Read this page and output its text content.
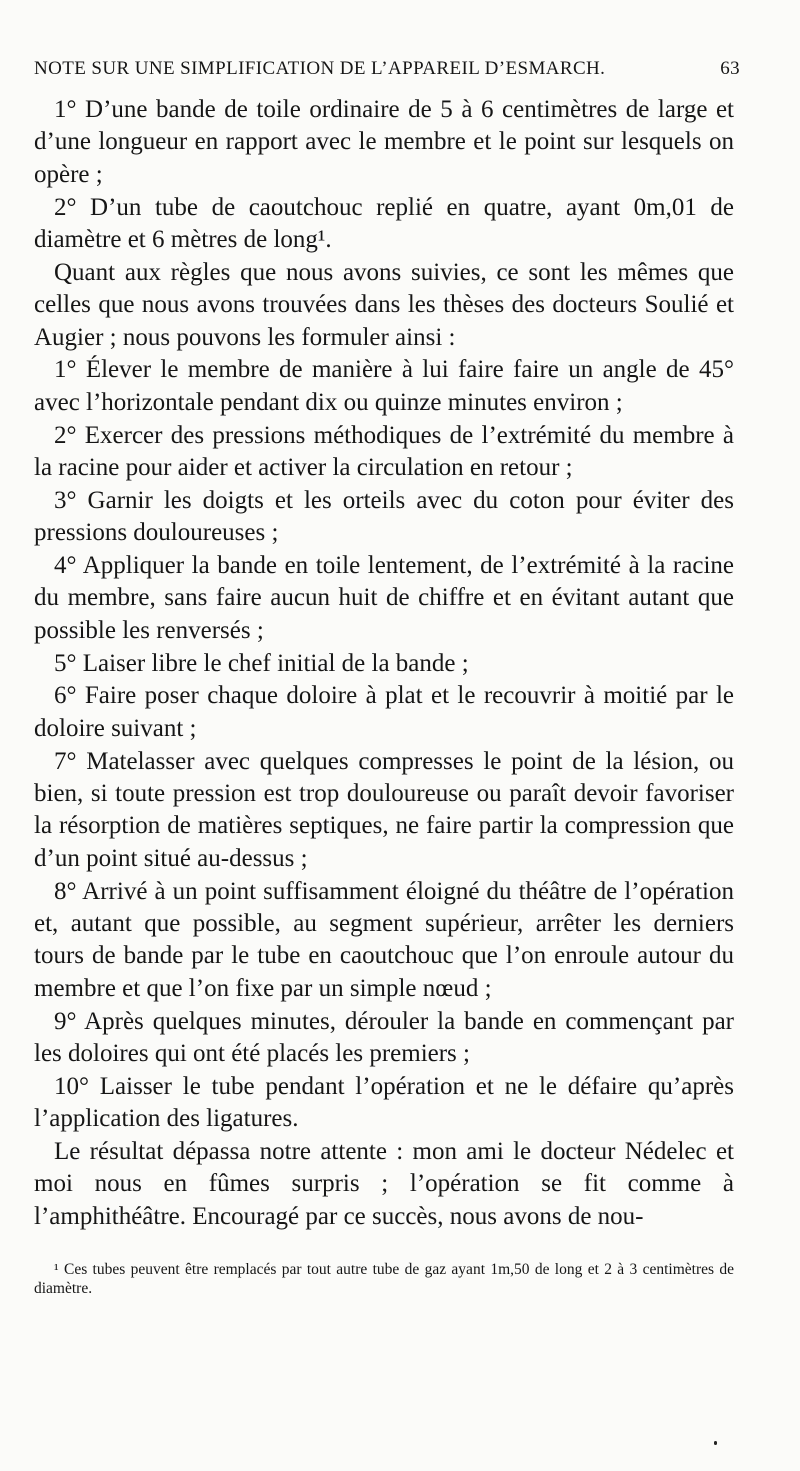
NOTE SUR UNE SIMPLIFICATION DE L’APPAREIL D’ESMARCH.	63

1° D’une bande de toile ordinaire de 5 à 6 centimètres de large et d’une longueur en rapport avec le membre et le point sur lesquels on opère ;

2° D’un tube de caoutchouc replié en quatre, ayant 0m,01 de diamètre et 6 mètres de long¹.

Quant aux règles que nous avons suivies, ce sont les mêmes que celles que nous avons trouvées dans les thèses des docteurs Soulié et Augier ; nous pouvons les formuler ainsi :

1° Élever le membre de manière à lui faire faire un angle de 45° avec l’horizontale pendant dix ou quinze minutes environ ;

2° Exercer des pressions méthodiques de l’extrémité du membre à la racine pour aider et activer la circulation en retour ;

3° Garnir les doigts et les orteils avec du coton pour éviter des pressions douloureuses ;

4° Appliquer la bande en toile lentement, de l’extrémité à la racine du membre, sans faire aucun huit de chiffre et en évitant autant que possible les renversés ;

5° Laiser libre le chef initial de la bande ;

6° Faire poser chaque doloire à plat et le recouvrir à moitié par le doloire suivant ;

7° Matelasser avec quelques compresses le point de la lésion, ou bien, si toute pression est trop douloureuse ou paraît devoir favoriser la résorption de matières septiques, ne faire partir la compression que d’un point situé au-dessus ;

8° Arrivé à un point suffisamment éloigné du théâtre de l’opération et, autant que possible, au segment supérieur, arrêter les derniers tours de bande par le tube en caoutchouc que l’on enroule autour du membre et que l’on fixe par un simple nœud ;

9° Après quelques minutes, dérouler la bande en commençant par les doloires qui ont été placés les premiers ;

10° Laisser le tube pendant l’opération et ne le défaire qu’après l’application des ligatures.

Le résultat dépassa notre attente : mon ami le docteur Nédelec et moi nous en fûmes surpris ; l’opération se fit comme à l’amphithéâtre. Encouragé par ce succès, nous avons de nou-

¹ Ces tubes peuvent être remplacés par tout autre tube de gaz ayant 1m,50 de long et 2 à 3 centimètres de diamètre.
